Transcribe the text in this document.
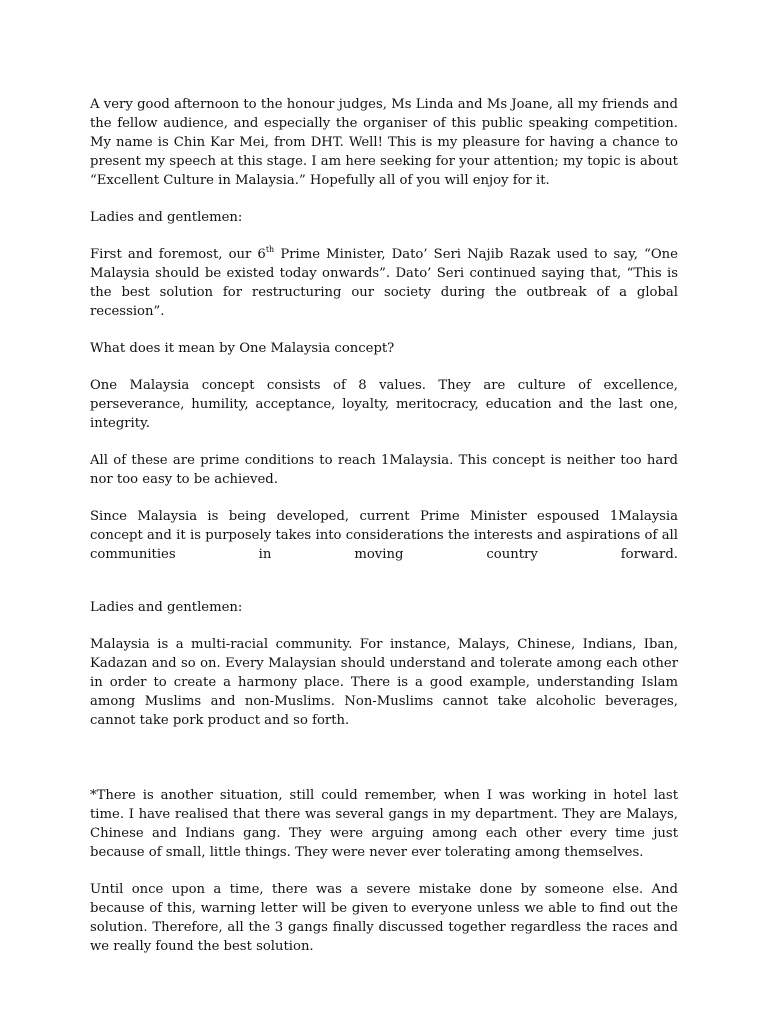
A very good afternoon to the honour judges, Ms Linda and Ms Joane, all my friends and the fellow audience, and especially the organiser of this public speaking competition. My name is Chin Kar Mei, from DHT. Well! This is my pleasure for having a chance to present my speech at this stage. I am here seeking for your attention; my topic is about “Excellent Culture in Malaysia.” Hopefully all of you will enjoy for it.

Ladies and gentlemen:

First and foremost, our 6th Prime Minister, Dato’ Seri Najib Razak used to say, “One Malaysia should be existed today onwards”. Dato’ Seri continued saying that, “This is the best solution for restructuring our society during the outbreak of a global recession”.

What does it mean by One Malaysia concept?

One Malaysia concept consists of 8 values. They are culture of excellence, perseverance, humility, acceptance, loyalty, meritocracy, education and the last one, integrity.

All of these are prime conditions to reach 1Malaysia. This concept is neither too hard nor too easy to be achieved.

Since Malaysia is being developed, current Prime Minister espoused 1Malaysia concept and it is purposely takes into considerations the interests and aspirations of all communities in moving country forward.

Ladies and gentlemen:

Malaysia is a multi-racial community. For instance, Malays, Chinese, Indians, Iban, Kadazan and so on. Every Malaysian should understand and tolerate among each other in order to create a harmony place. There is a good example, understanding Islam among Muslims and non-Muslims. Non-Muslims cannot take alcoholic beverages, cannot take pork product and so forth.

*There is another situation, still could remember, when I was working in hotel last time. I have realised that there was several gangs in my department. They are Malays, Chinese and Indians gang. They were arguing among each other every time just because of small, little things. They were never ever tolerating among themselves.

Until once upon a time, there was a severe mistake done by someone else. And because of this, warning letter will be given to everyone unless we able to find out the solution. Therefore, all the 3 gangs finally discussed together regardless the races and we really found the best solution.
